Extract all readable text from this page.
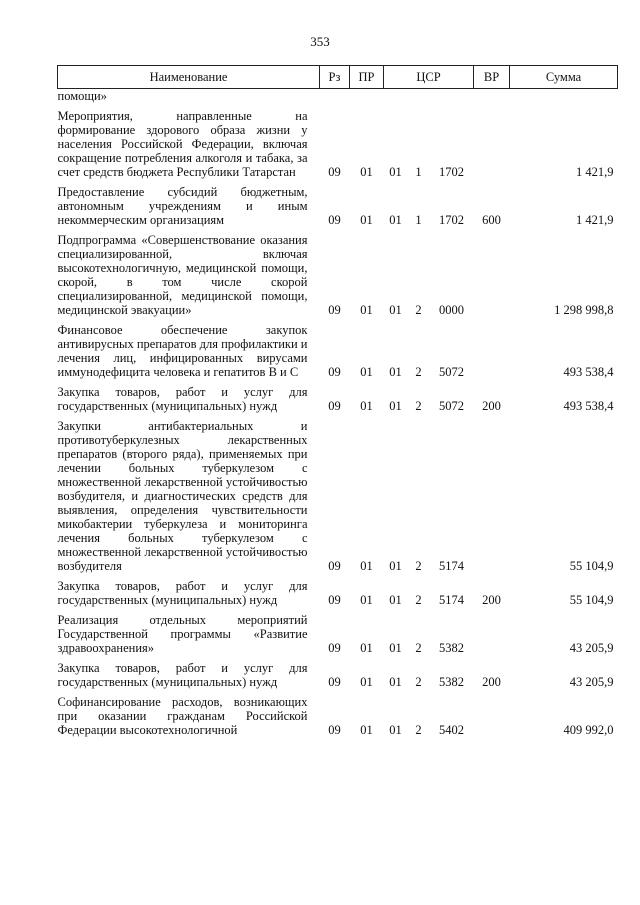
353
Наименование	Рз	ПР	ЦСР			ВР	Сумма
помощи»							

Мероприятия, направленные на формирование здорового образа жизни у населения Российской Федерации, включая сокращение потребления алкоголя и табака, за счет средств бюджета Республики Татарстан	09	01	01	1	1702		1 421,9

Предоставление субсидий бюджетным, автономным учреждениям и иным некоммерческим организациям	09	01	01	1	1702	600	1 421,9

Подпрограмма «Совершенствование оказания специализированной, включая высокотехнологичную, медицинской помощи, скорой, в том числе скорой специализированной, медицинской помощи, медицинской эвакуации»	09	01	01	2	0000		1 298 998,8

Финансовое обеспечение закупок антивирусных препаратов для профилактики и лечения лиц, инфицированных вирусами иммунодефицита человека и гепатитов В и С	09	01	01	2	5072		493 538,4

Закупка товаров, работ и услуг для государственных (муниципальных) нужд	09	01	01	2	5072	200	493 538,4

Закупки антибактериальных и противотуберкулезных лекарственных препаратов (второго ряда), применяемых при лечении больных туберкулезом с множественной лекарственной устойчивостью возбудителя, и диагностических средств для выявления, определения чувствительности микобактерии туберкулеза и мониторинга лечения больных туберкулезом с множественной лекарственной устойчивостью возбудителя	09	01	01	2	5174		55 104,9

Закупка товаров, работ и услуг для государственных (муниципальных) нужд	09	01	01	2	5174	200	55 104,9

Реализация отдельных мероприятий Государственной программы «Развитие здравоохранения»	09	01	01	2	5382		43 205,9

Закупка товаров, работ и услуг для государственных (муниципальных) нужд	09	01	01	2	5382	200	43 205,9

Софинансирование расходов, возникающих при оказании гражданам Российской Федерации высокотехнологичной	09	01	01	2	5402		409 992,0
